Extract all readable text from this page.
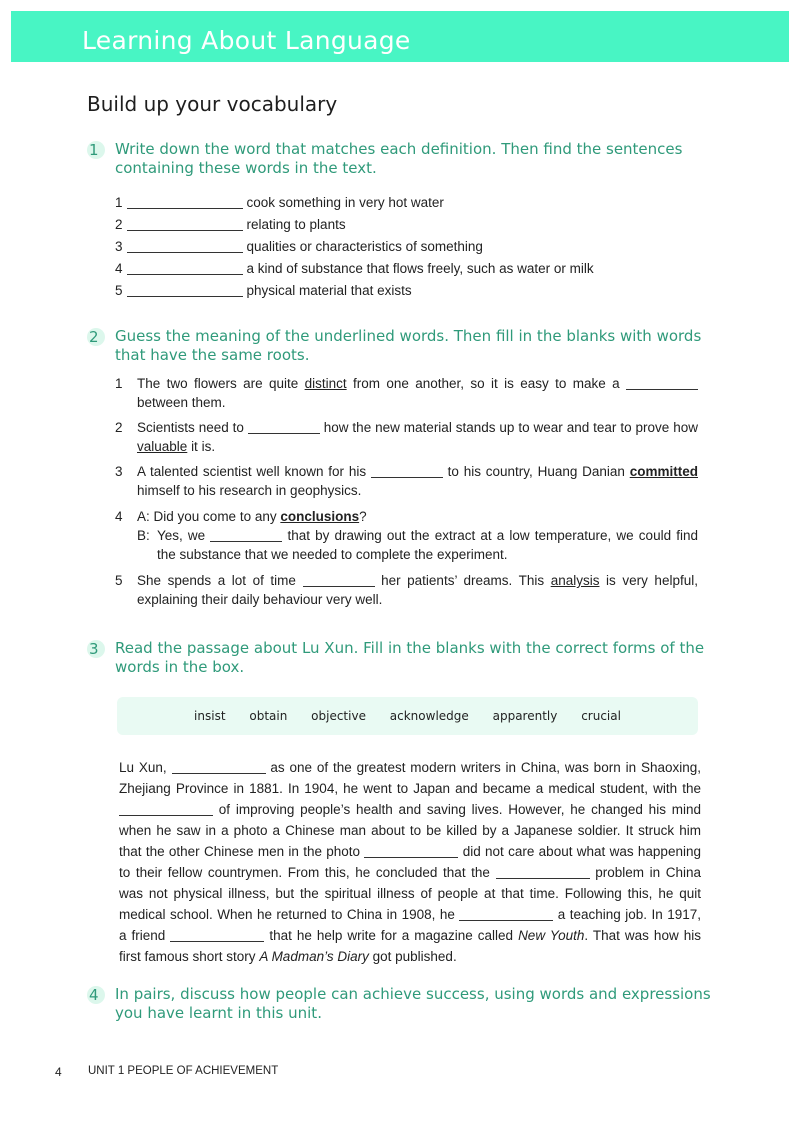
Learning About Language
Build up your vocabulary
1	Write down the word that matches each definition. Then find the sentences containing these words in the text.
1	cook something in very hot water
2	relating to plants
3	qualities or characteristics of something
4	a kind of substance that flows freely, such as water or milk
5	physical material that exists
2	Guess the meaning of the underlined words. Then fill in the blanks with words that have the same roots.
1 The two flowers are quite distinct from one another, so it is easy to make a  between them.
2 Scientists need to	how the new material stands up to wear and tear to prove how valuable it is.
3 A talented scientist well known for his	to his country, Huang Danian committed himself to his research in geophysics.
4 A: Did you come to any conclusions?
B: Yes, we	that by drawing out the extract at a low temperature, we could find the substance that we needed to complete the experiment.
5 She spends a lot of time	her patients’ dreams. This analysis is very helpful, explaining their daily behaviour very well.
3	Read the passage about Lu Xun. Fill in the blanks with the correct forms of the words in the box.
insist obtain objective acknowledge apparently crucial
Lu Xun,	as one of the greatest modern writers in China, was born in Shaoxing, Zhejiang Province in 1881. In 1904, he went to Japan and became a medical student, with the  of improving people’s health and saving lives. However, he changed his mind when he saw in a photo a Chinese man about to be killed by a Japanese soldier. It struck him that the other Chinese men in the photo	did not care about what was happening to their fellow countrymen. From this, he concluded that the	problem in China was not physical illness, but the spiritual illness of people at that time. Following this, he quit medical school. When he returned to China in 1908, he	a teaching job. In 1917, a friend	that he help write for a magazine called New Youth. That was how his first famous short story A Madman’s Diary got published.
4	In pairs, discuss how people can achieve success, using words and expressions you have learnt in this unit.
4 UNIT 1 PEOPLE OF ACHIEVEMENT
